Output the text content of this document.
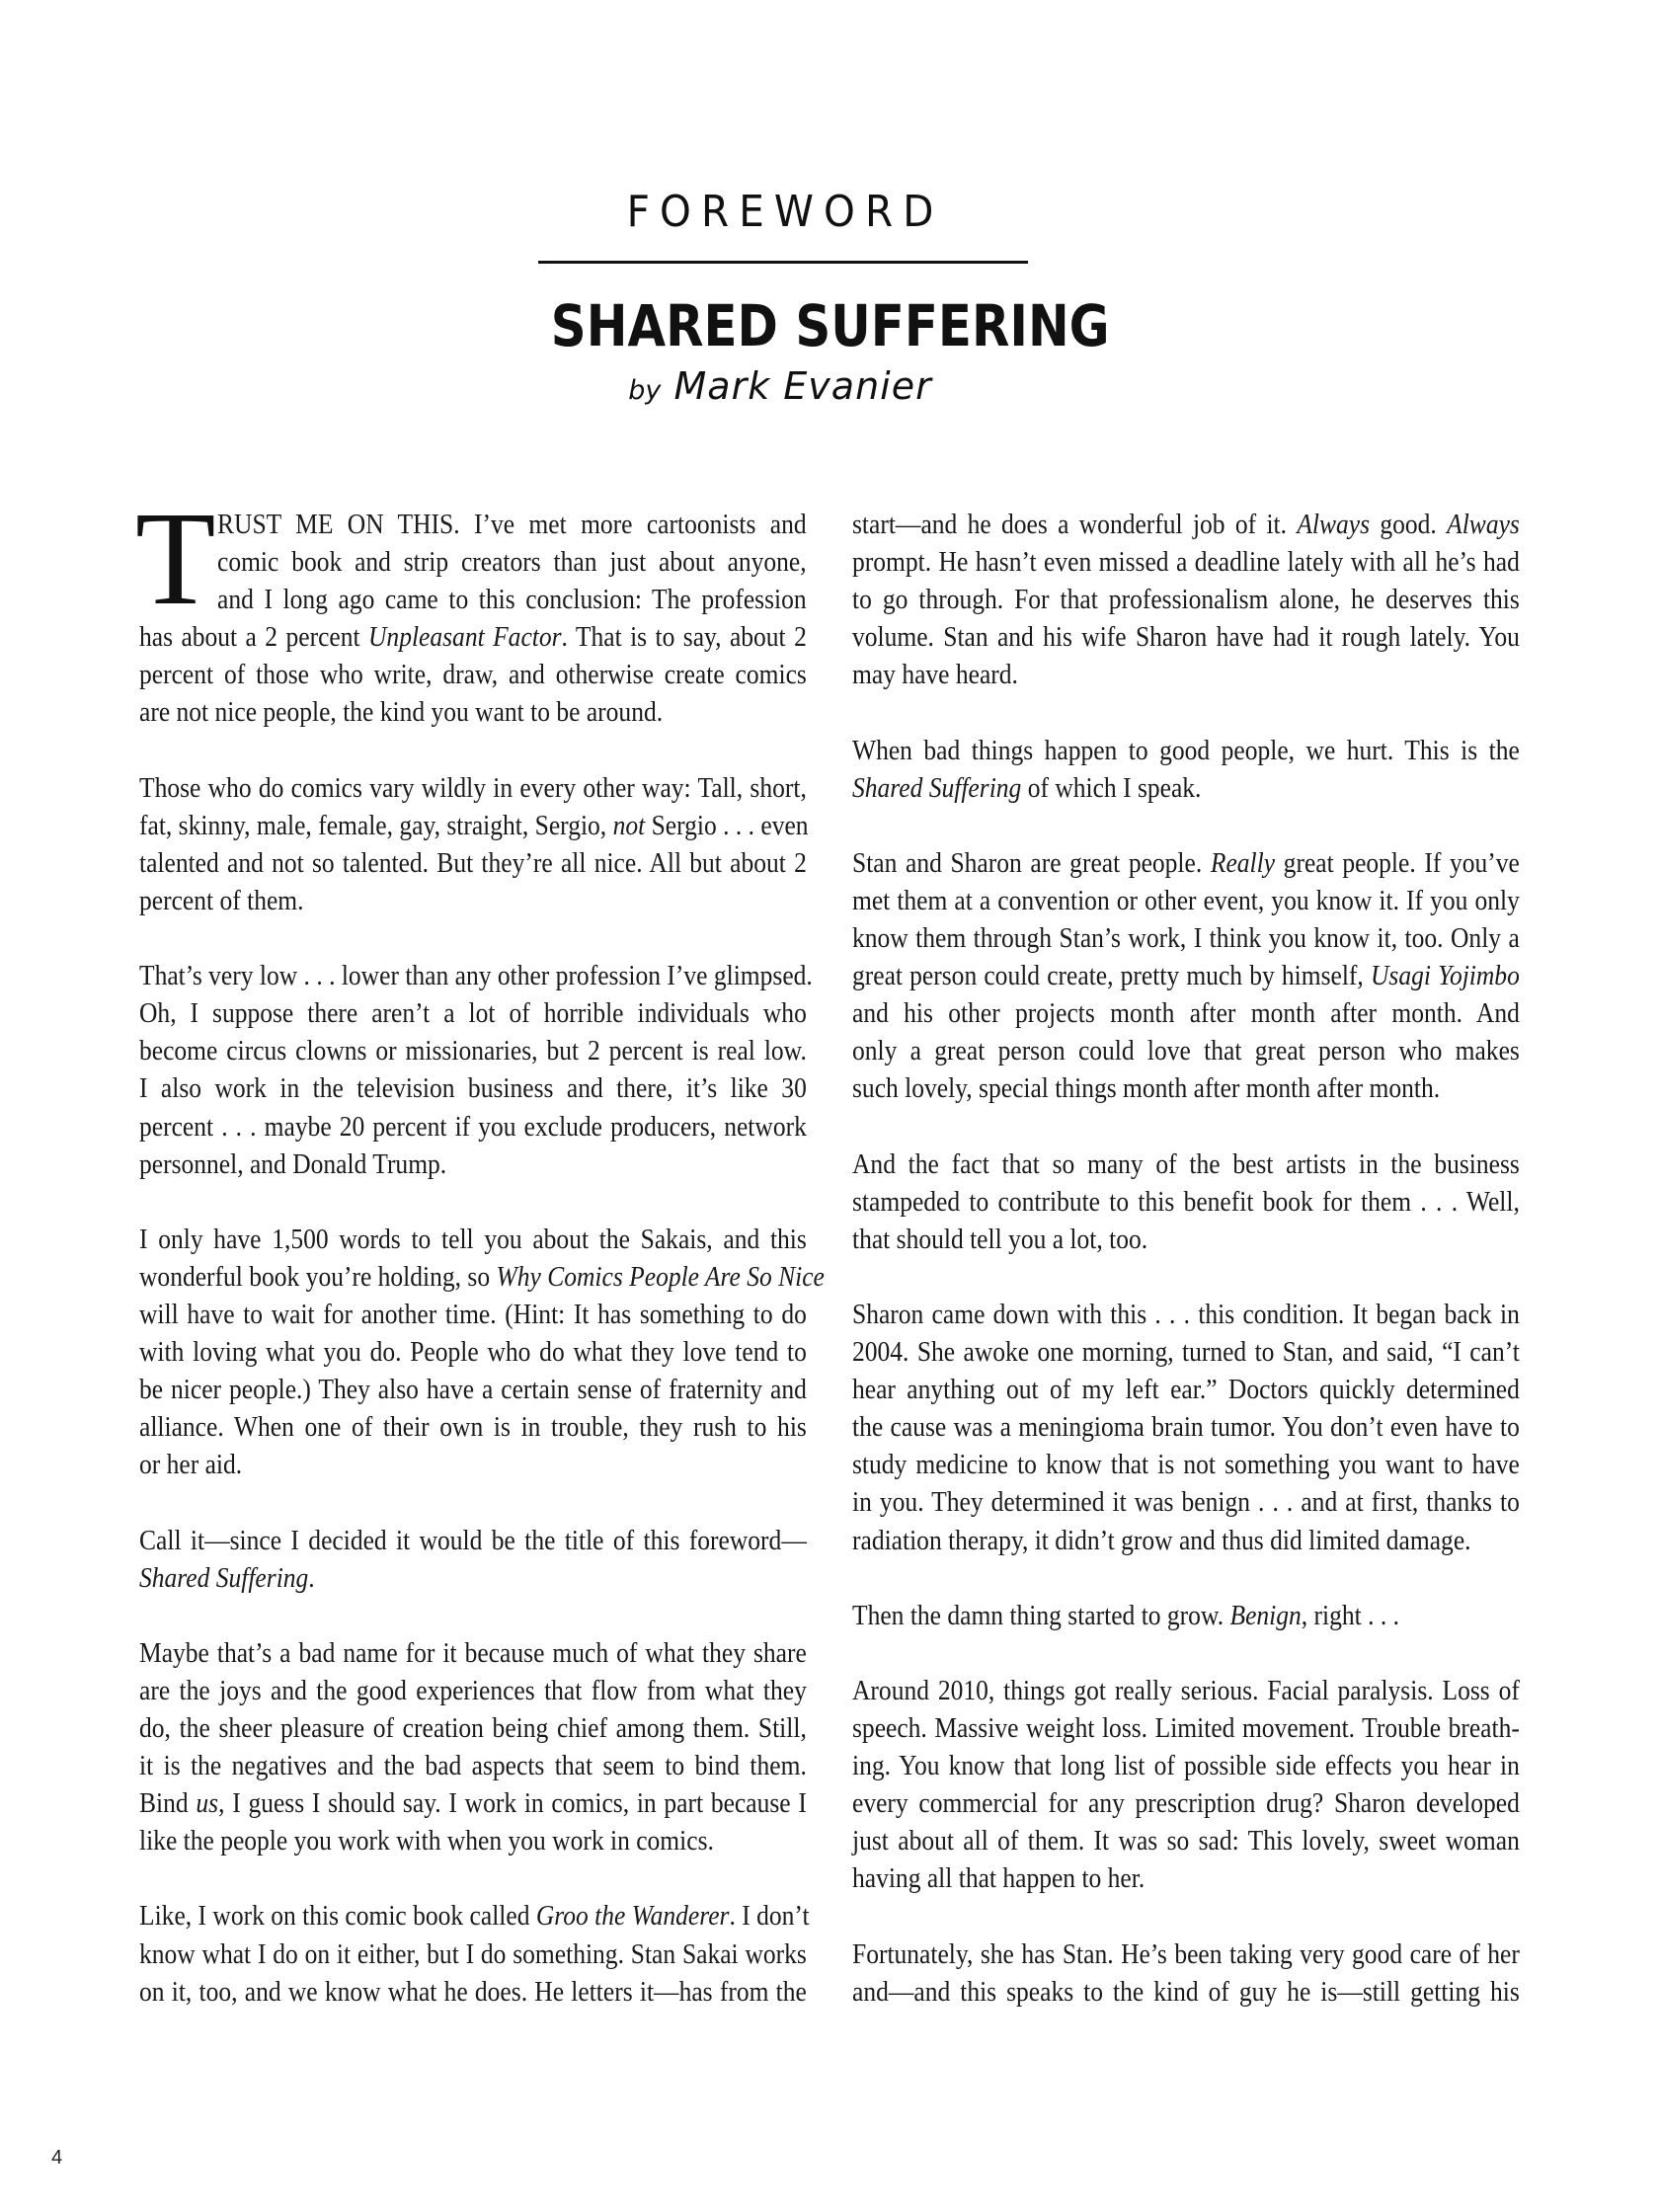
FOREWORD
SHARED SUFFERING
by Mark Evanier
T RUST ME ON THIS. I’ve met more cartoonists and
comic book and strip creators than just about anyone,
and I long ago came to this conclusion: The profession
has about a 2 percent Unpleasant Factor. That is to say, about 2
percent of those who write, draw, and otherwise create comics
are not nice people, the kind you want to be around.
Those who do comics vary wildly in every other way: Tall, short,
fat, skinny, male, female, gay, straight, Sergio, not Sergio . . . even
talented and not so talented. But they’re all nice. All but about 2
percent of them.
That’s very low . . . lower than any other profession I’ve glimpsed.
Oh, I suppose there aren’t a lot of horrible individuals who
become circus clowns or missionaries, but 2 percent is real low.
I also work in the television business and there, it’s like 30
percent . . . maybe 20 percent if you exclude producers, network
personnel, and Donald Trump.
I only have 1,500 words to tell you about the Sakais, and this
wonderful book you’re holding, so Why Comics People Are So Nice
will have to wait for another time. (Hint: It has something to do
with loving what you do. People who do what they love tend to
be nicer people.) They also have a certain sense of fraternity and
alliance. When one of their own is in trouble, they rush to his
or her aid.
Call it—since I decided it would be the title of this foreword—
Shared Suffering.
Maybe that’s a bad name for it because much of what they share
are the joys and the good experiences that flow from what they
do, the sheer pleasure of creation being chief among them. Still,
it is the negatives and the bad aspects that seem to bind them.
Bind us, I guess I should say. I work in comics, in part because I
like the people you work with when you work in comics.
Like, I work on this comic book called Groo the Wanderer. I don’t
know what I do on it either, but I do something. Stan Sakai works
on it, too, and we know what he does. He letters it—has from the
start—and he does a wonderful job of it. Always good. Always
prompt. He hasn’t even missed a deadline lately with all he’s had
to go through. For that professionalism alone, he deserves this
volume. Stan and his wife Sharon have had it rough lately. You
may have heard.
When bad things happen to good people, we hurt. This is the
Shared Suffering of which I speak.
Stan and Sharon are great people. Really great people. If you’ve
met them at a convention or other event, you know it. If you only
know them through Stan’s work, I think you know it, too. Only a
great person could create, pretty much by himself, Usagi Yojimbo
and his other projects month after month after month. And
only a great person could love that great person who makes
such lovely, special things month after month after month.
And the fact that so many of the best artists in the business
stampeded to contribute to this benefit book for them . . . Well,
that should tell you a lot, too.
Sharon came down with this . . . this condition. It began back in
2004. She awoke one morning, turned to Stan, and said, “I can’t
hear anything out of my left ear.” Doctors quickly determined
the cause was a meningioma brain tumor. You don’t even have to
study medicine to know that is not something you want to have
in you. They determined it was benign . . . and at first, thanks to
radiation therapy, it didn’t grow and thus did limited damage.
Then the damn thing started to grow. Benign, right . . .
Around 2010, things got really serious. Facial paralysis. Loss of
speech. Massive weight loss. Limited movement. Trouble breath-
ing. You know that long list of possible side effects you hear in
every commercial for any prescription drug? Sharon developed
just about all of them. It was so sad: This lovely, sweet woman
having all that happen to her.
Fortunately, she has Stan. He’s been taking very good care of her
and—and this speaks to the kind of guy he is—still getting his
4
